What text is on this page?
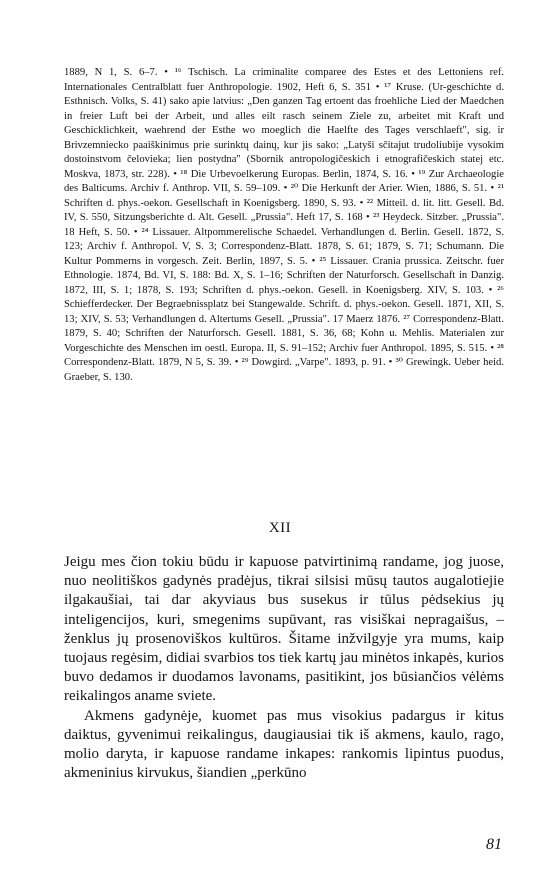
1889, N 1, S. 6–7. • ¹⁶ Tschisch. La criminalite comparee des Estes et des Lettoniens ref. Internationales Centralblatt fuer Anthropologie. 1902, Heft 6, S. 351 • ¹⁷ Kruse. (Ur-geschichte d. Esthnisch. Volks, S. 41) sako apie latvius: „Den ganzen Tag ertoent das froehliche Lied der Maedchen in freier Luft bei der Arbeit, und alles eilt rasch seinem Ziele zu, arbeitet mit Kraft und Geschicklichkeit, waehrend der Esthe wo moeglich die Haelfte des Tages verschlaeft", sig. ir Brivzemniecko paaiškinimus prie surinktų dainų, kur jis sako: „Latyši sčitajut trudoliubije vysokim dostoinstvom čelovieka; lien postydna" (Sbornik antropologičeskich i etnografičeskich statej etc. Moskva, 1873, str. 228). • ¹⁸ Die Urbevoelkerung Europas. Berlin, 1874, S. 16. • ¹⁹ Zur Archaeologie des Balticums. Archiv f. Anthrop. VII, S. 59–109. • ²⁰ Die Herkunft der Arier. Wien, 1886, S. 51. • ²¹ Schriften d. phys.-oekon. Gesellschaft in Koenigsberg. 1890, S. 93. • ²² Mitteil. d. lit. litt. Gesell. Bd. IV, S. 550, Sitzungsberichte d. Alt. Gesell. „Prussia". Heft 17, S. 168 • ²³ Heydeck. Sitzber. „Prussia". 18 Heft, S. 50. • ²⁴ Lissauer. Altpommerelische Schaedel. Verhandlungen d. Berlin. Gesell. 1872, S. 123; Archiv f. Anthropol. V, S. 3; Correspondenz-Blatt. 1878, S. 61; 1879, S. 71; Schumann. Die Kultur Pommerns in vorgesch. Zeit. Berlin, 1897, S. 5. • ²⁵ Lissauer. Crania prussica. Zeitschr. fuer Ethnologie. 1874, Bd. VI, S. 188: Bd. X, S. 1–16; Schriften der Naturforsch. Gesellschaft in Danzig. 1872, III, S. 1; 1878, S. 193; Schriften d. phys.-oekon. Gesell. in Koenigsberg. XIV, S. 103. • ²⁶ Schiefferdecker. Der Begraebnissplatz bei Stangewalde. Schrift. d. phys.-oekon. Gesell. 1871, XII, S. 13; XIV, S. 53; Verhandlungen d. Altertums Gesell. „Prussia". 17 Maerz 1876. ²⁷ Correspondenz-Blatt. 1879, S. 40; Schriften der Naturforsch. Gesell. 1881, S. 36, 68; Kohn u. Mehlis. Materialen zur Vorgeschichte des Menschen im oestl. Europa. II, S. 91–152; Archiv fuer Anthropol. 1895, S. 515. • ²⁸ Correspondenz-Blatt. 1879, N 5, S. 39. • ²⁹ Dowgird. „Varpe". 1893, p. 91. • ³⁰ Grewingk. Ueber heid. Graeber, S. 130.

XII

Jeigu mes čion tokiu būdu ir kapuose patvirtinimą randame, jog juose, nuo neolitiškos gadynės pradėjus, tikrai silsisi mūsų tautos augalotiejie ilgakaušiai, tai dar akyviaus bus susekus ir tūlus pėdsekius jų inteligencijos, kuri, smegenims supūvant, ras visiškai nepragaišus, – ženklus jų prosenoviškos kultūros. Šitame inžvilgyje yra mums, kaip tuojaus regėsim, didiai svarbios tos tiek kartų jau minėtos inkapės, kurios buvo dedamos ir duodamos lavonams, pasitikint, jos būsiančios vėlėms reikalingos aname sviete.

Akmens gadynėje, kuomet pas mus visokius padargus ir kitus daiktus, gyvenimui reikalingus, daugiausiai tik iš akmens, kaulo, rago, molio daryta, ir kapuose randame inkapes: rankomis lipintus puodus, akmeninius kirvukus, šiandien „perkūno

81
